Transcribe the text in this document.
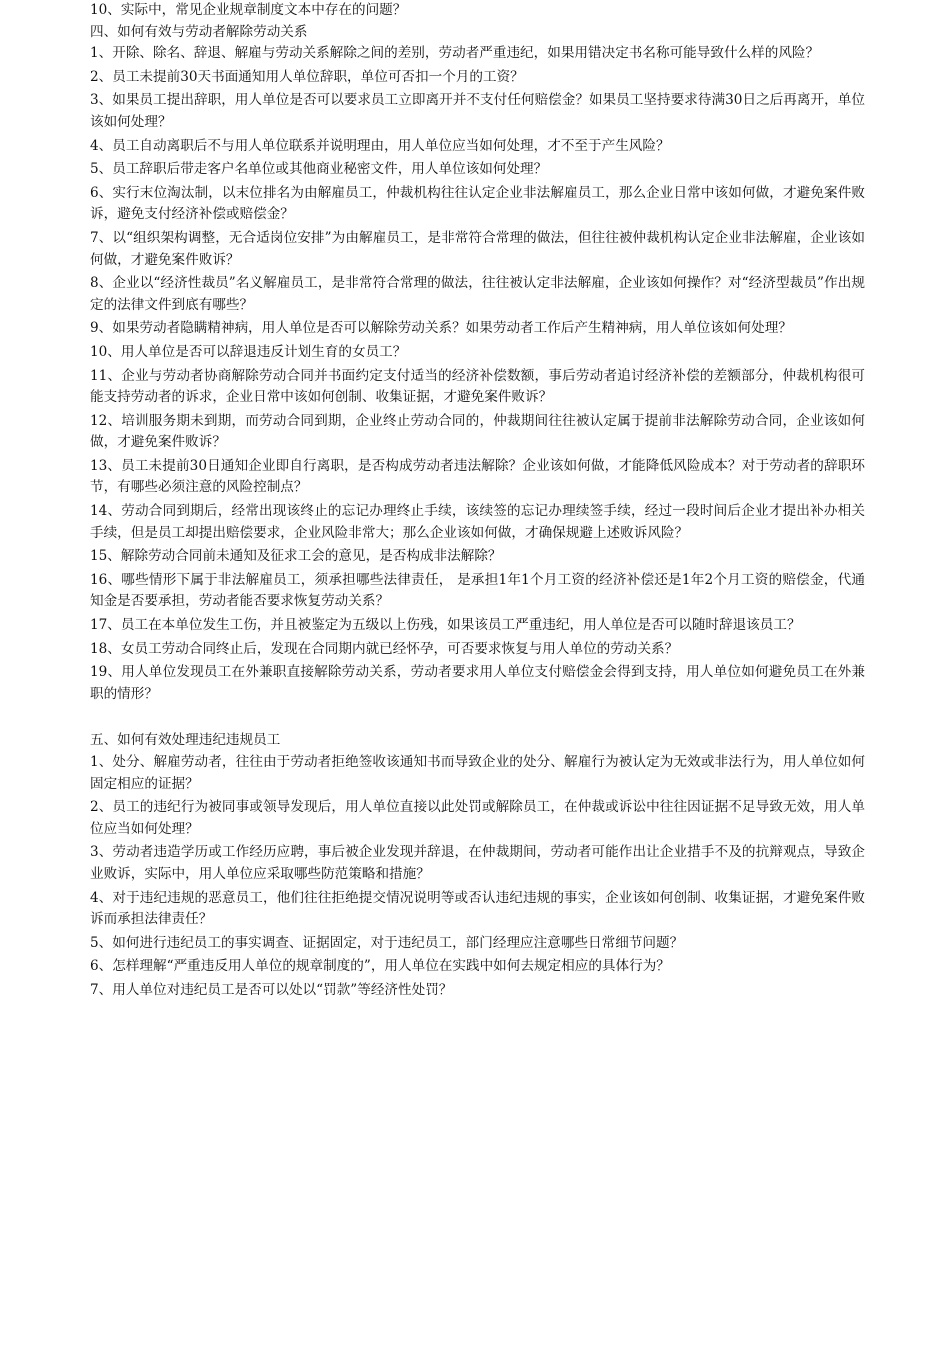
10、实际中，常见企业规章制度文本中存在的问题？

四、如何有效与劳动者解除劳动关系

1、开除、除名、辞退、解雇与劳动关系解除之间的差别，劳动者严重违纪，如果用错决定书名称可能导致什么样的风险？

2、员工未提前30天书面通知用人单位辞职，单位可否扣一个月的工资？

3、如果员工提出辞职，用人单位是否可以要求员工立即离开并不支付任何赔偿金？如果员工坚持要求待满30日之后再离开，单位该如何处理？

4、员工自动离职后不与用人单位联系并说明理由，用人单位应当如何处理，才不至于产生风险？

5、员工辞职后带走客户名单位或其他商业秘密文件，用人单位该如何处理？

6、实行末位淘汰制，以末位排名为由解雇员工，仲裁机构往往认定企业非法解雇员工，那么企业日常中该如何做，才避免案件败诉，避免支付经济补偿或赔偿金？

7、以“组织架构调整，无合适岗位安排”为由解雇员工，是非常符合常理的做法，但往往被仲裁机构认定企业非法解雇，企业该如何做，才避免案件败诉？

8、企业以“经济性裁员”名义解雇员工，是非常符合常理的做法，往往被认定非法解雇，企业该如何操作？对“经济型裁员”作出规定的法律文件到底有哪些？

9、如果劳动者隐瞒精神病，用人单位是否可以解除劳动关系？如果劳动者工作后产生精神病，用人单位该如何处理？

10、用人单位是否可以辞退违反计划生育的女员工？

11、企业与劳动者协商解除劳动合同并书面约定支付适当的经济补偿数额，事后劳动者追讨经济补偿的差额部分，仲裁机构很可能支持劳动者的诉求，企业日常中该如何创制、收集证据，才避免案件败诉？

12、培训服务期未到期，而劳动合同到期，企业终止劳动合同的，仲裁期间往往被认定属于提前非法解除劳动合同，企业该如何做，才避免案件败诉？

13、员工未提前30日通知企业即自行离职，是否构成劳动者违法解除？企业该如何做，才能降低风险成本？对于劳动者的辞职环节，有哪些必须注意的风险控制点？

14、劳动合同到期后，经常出现该终止的忘记办理终止手续，该续签的忘记办理续签手续，经过一段时间后企业才提出补办相关手续，但是员工却提出赔偿要求，企业风险非常大；那么企业该如何做，才确保规避上述败诉风险？

15、解除劳动合同前未通知及征求工会的意见，是否构成非法解除？

16、哪些情形下属于非法解雇员工，须承担哪些法律责任， 是承担1年1个月工资的经济补偿还是1年2个月工资的赔偿金，代通知金是否要承担，劳动者能否要求恢复劳动关系？

17、员工在本单位发生工伤，并且被鉴定为五级以上伤残，如果该员工严重违纪，用人单位是否可以随时辞退该员工？

18、女员工劳动合同终止后，发现在合同期内就已经怀孕，可否要求恢复与用人单位的劳动关系？

19、用人单位发现员工在外兼职直接解除劳动关系，劳动者要求用人单位支付赔偿金会得到支持，用人单位如何避免员工在外兼职的情形？

五、如何有效处理违纪违规员工

1、处分、解雇劳动者，往往由于劳动者拒绝签收该通知书而导致企业的处分、解雇行为被认定为无效或非法行为，用人单位如何固定相应的证据？

2、员工的违纪行为被同事或领导发现后，用人单位直接以此处罚或解除员工，在仲裁或诉讼中往往因证据不足导致无效，用人单位应当如何处理？

3、劳动者违造学历或工作经历应聘，事后被企业发现并辞退，在仲裁期间，劳动者可能作出让企业措手不及的抗辩观点，导致企业败诉，实际中，用人单位应采取哪些防范策略和措施？

4、对于违纪违规的恶意员工，他们往往拒绝提交情况说明等或否认违纪违规的事实，企业该如何创制、收集证据，才避免案件败诉而承担法律责任？

5、如何进行违纪员工的事实调查、证据固定，对于违纪员工，部门经理应注意哪些日常细节问题？

6、怎样理解“严重违反用人单位的规章制度的”，用人单位在实践中如何去规定相应的具体行为？

7、用人单位对违纪员工是否可以处以“罚款”等经济性处罚？
